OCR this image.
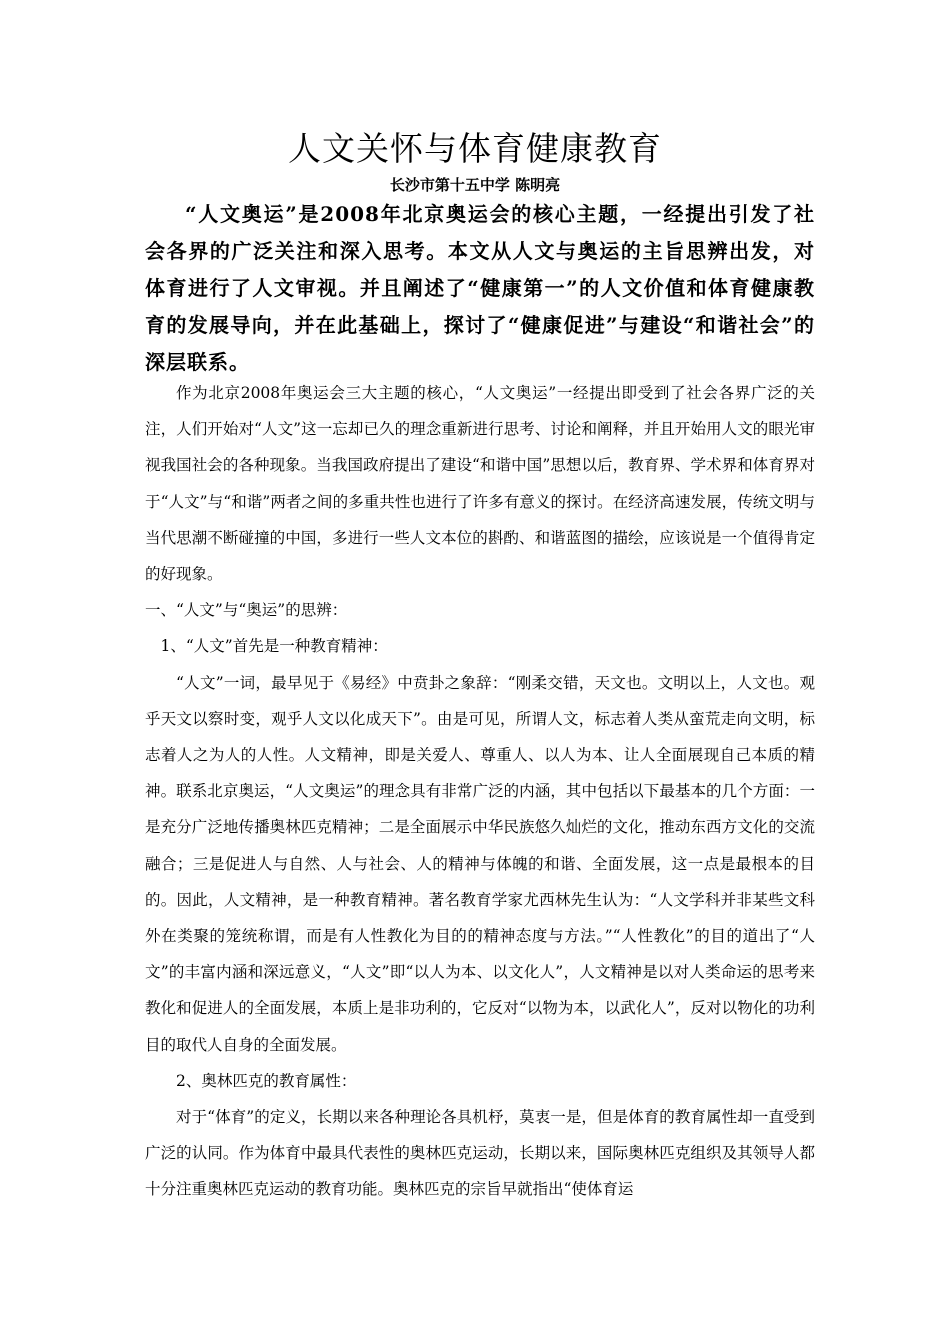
人文关怀与体育健康教育
长沙市第十五中学 陈明亮

“人文奥运”是2008年北京奥运会的核心主题，一经提出引发了社会各界的广泛关注和深入思考。本文从人文与奥运的主旨思辨出发，对体育进行了人文审视。并且阐述了“健康第一”的人文价值和体育健康教育的发展导向，并在此基础上，探讨了“健康促进”与建设“和谐社会”的深层联系。

作为北京2008年奥运会三大主题的核心，“人文奥运”一经提出即受到了社会各界广泛的关注，人们开始对“人文”这一忘却已久的理念重新进行思考、讨论和阐释，并且开始用人文的眼光审视我国社会的各种现象。当我国政府提出了建设“和谐中国”思想以后，教育界、学术界和体育界对于“人文”与“和谐”两者之间的多重共性也进行了许多有意义的探讨。在经济高速发展，传统文明与当代思潮不断碰撞的中国，多进行一些人文本位的斟酌、和谐蓝图的描绘，应该说是一个值得肯定的好现象。

一、“人文”与“奥运”的思辨：

1、“人文”首先是一种教育精神：

“人文”一词，最早见于《易经》中贲卦之象辞：“刚柔交错，天文也。文明以上，人文也。观乎天文以察时变，观乎人文以化成天下”。由是可见，所谓人文，标志着人类从蛮荒走向文明，标志着人之为人的人性。人文精神，即是关爱人、尊重人、以人为本、让人全面展现自己本质的精神。联系北京奥运，“人文奥运”的理念具有非常广泛的内涵，其中包括以下最基本的几个方面：一是充分广泛地传播奥林匹克精神；二是全面展示中华民族悠久灿烂的文化，推动东西方文化的交流融合；三是促进人与自然、人与社会、人的精神与体魄的和谐、全面发展，这一点是最根本的目的。因此，人文精神，是一种教育精神。著名教育学家尤西林先生认为：“人文学科并非某些文科外在类聚的笼统称谓，而是有人性教化为目的的精神态度与方法。”“人性教化”的目的道出了“人文”的丰富内涵和深远意义，“人文”即“以人为本、以文化人”，人文精神是以对人类命运的思考来教化和促进人的全面发展，本质上是非功利的，它反对“以物为本，以武化人”，反对以物化的功利目的取代人自身的全面发展。

2、奥林匹克的教育属性：

对于“体育”的定义，长期以来各种理论各具机杼，莫衷一是，但是体育的教育属性却一直受到广泛的认同。作为体育中最具代表性的奥林匹克运动，长期以来，国际奥林匹克组织及其领导人都十分注重奥林匹克运动的教育功能。奥林匹克的宗旨早就指出“使体育运
